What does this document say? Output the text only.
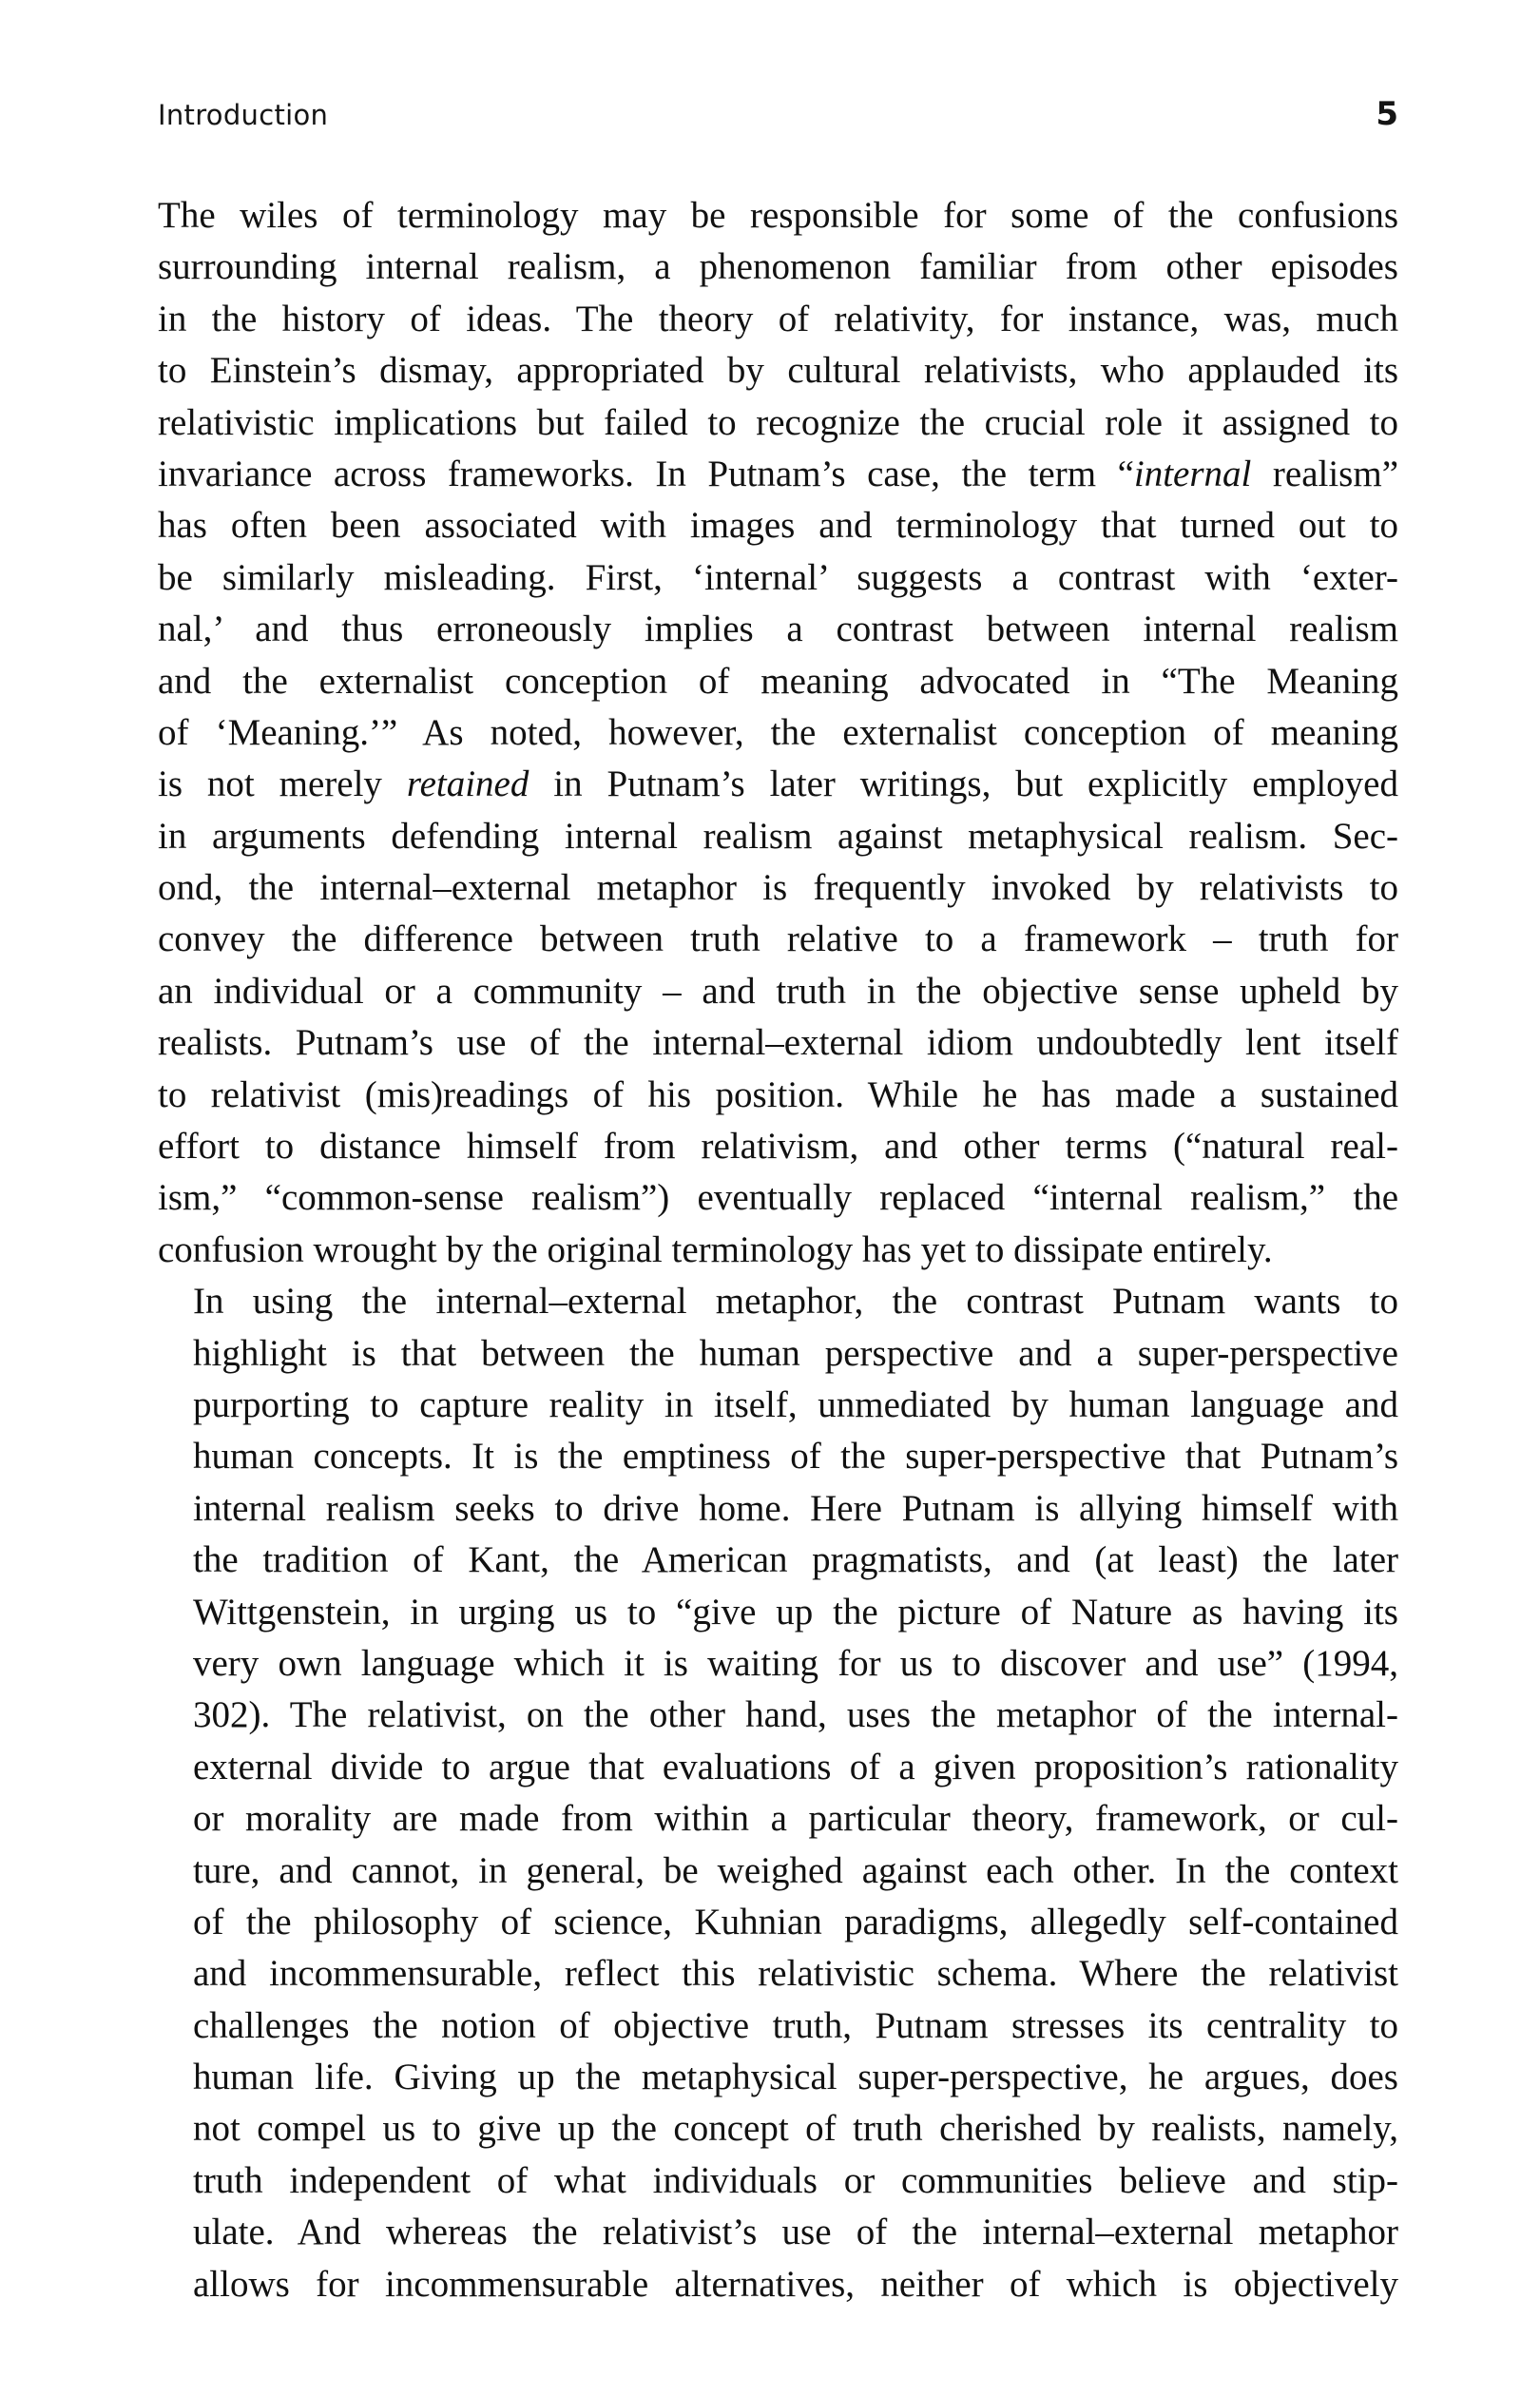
Introduction	5
The wiles of terminology may be responsible for some of the confusions
surrounding internal realism, a phenomenon familiar from other episodes
in the history of ideas. The theory of relativity, for instance, was, much
to Einstein’s dismay, appropriated by cultural relativists, who applauded its
relativistic implications but failed to recognize the crucial role it assigned to
invariance across frameworks. In Putnam’s case, the term “internal realism”
has often been associated with images and terminology that turned out to
be similarly misleading. First, ‘internal’ suggests a contrast with ‘exter-
nal,’ and thus erroneously implies a contrast between internal realism
and the externalist conception of meaning advocated in “The Meaning
of ‘Meaning.’” As noted, however, the externalist conception of meaning
is not merely retained in Putnam’s later writings, but explicitly employed
in arguments defending internal realism against metaphysical realism. Sec-
ond, the internal–external metaphor is frequently invoked by relativists to
convey the difference between truth relative to a framework – truth for
an individual or a community – and truth in the objective sense upheld by
realists. Putnam’s use of the internal–external idiom undoubtedly lent itself
to relativist (mis)readings of his position. While he has made a sustained
effort to distance himself from relativism, and other terms (“natural real-
ism,” “common-sense realism”) eventually replaced “internal realism,” the
confusion wrought by the original terminology has yet to dissipate entirely.
In using the internal–external metaphor, the contrast Putnam wants to
highlight is that between the human perspective and a super-perspective
purporting to capture reality in itself, unmediated by human language and
human concepts. It is the emptiness of the super-perspective that Putnam’s
internal realism seeks to drive home. Here Putnam is allying himself with
the tradition of Kant, the American pragmatists, and (at least) the later
Wittgenstein, in urging us to “give up the picture of Nature as having its
very own language which it is waiting for us to discover and use” (1994,
302). The relativist, on the other hand, uses the metaphor of the internal-
external divide to argue that evaluations of a given proposition’s rationality
or morality are made from within a particular theory, framework, or cul-
ture, and cannot, in general, be weighed against each other. In the context
of the philosophy of science, Kuhnian paradigms, allegedly self-contained
and incommensurable, reflect this relativistic schema. Where the relativist
challenges the notion of objective truth, Putnam stresses its centrality to
human life. Giving up the metaphysical super-perspective, he argues, does
not compel us to give up the concept of truth cherished by realists, namely,
truth independent of what individuals or communities believe and stip-
ulate. And whereas the relativist’s use of the internal–external metaphor
allows for incommensurable alternatives, neither of which is objectively
